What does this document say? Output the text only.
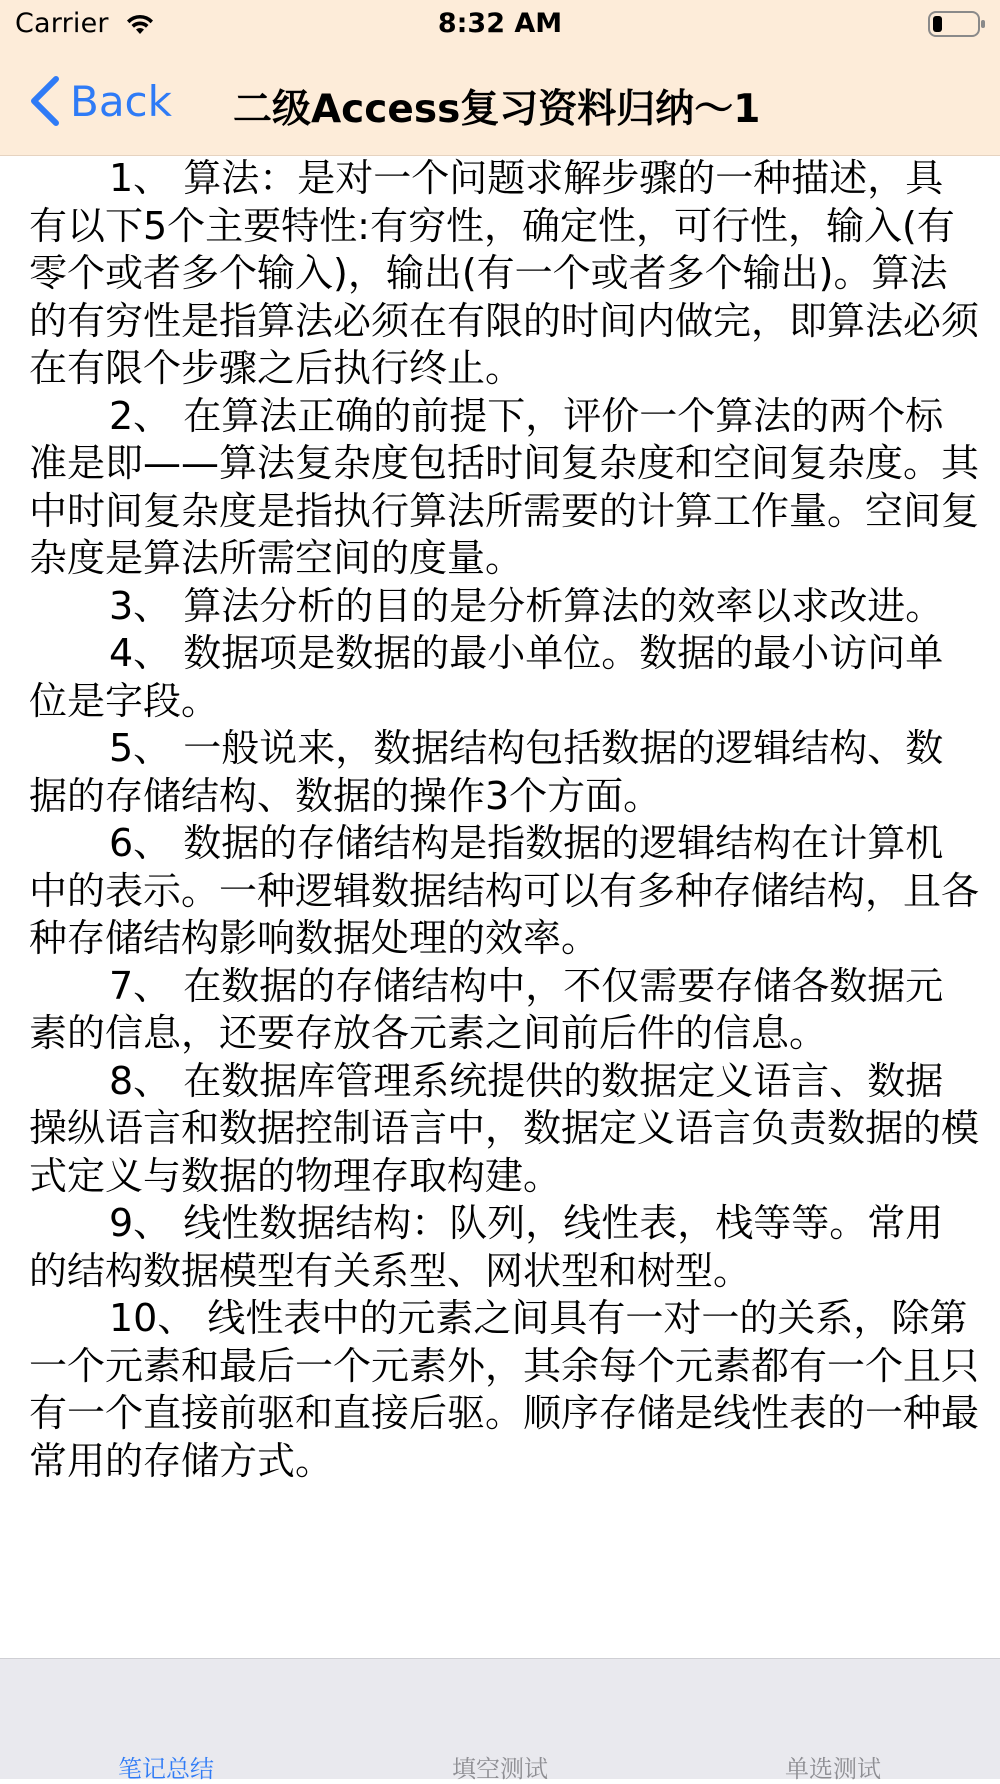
Carrier	8:32 AM
Back 二级Access复习资料归纳～1

1、 算法：是对一个问题求解步骤的一种描述，具有以下5个主要特性:有穷性，确定性，可行性，输入(有零个或者多个输入)，输出(有一个或者多个输出)。算法的有穷性是指算法必须在有限的时间内做完，即算法必须在有限个步骤之后执行终止。

2、 在算法正确的前提下，评价一个算法的两个标准是即——算法复杂度包括时间复杂度和空间复杂度。其中时间复杂度是指执行算法所需要的计算工作量。空间复杂度是算法所需空间的度量。

3、 算法分析的目的是分析算法的效率以求改进。

4、 数据项是数据的最小单位。数据的最小访问单位是字段。

5、 一般说来，数据结构包括数据的逻辑结构、数据的存储结构、数据的操作3个方面。

6、 数据的存储结构是指数据的逻辑结构在计算机中的表示。一种逻辑数据结构可以有多种存储结构，且各种存储结构影响数据处理的效率。

7、 在数据的存储结构中，不仅需要存储各数据元素的信息，还要存放各元素之间前后件的信息。

8、 在数据库管理系统提供的数据定义语言、数据操纵语言和数据控制语言中，数据定义语言负责数据的模式定义与数据的物理存取构建。

9、 线性数据结构：队列，线性表，栈等等。常用的结构数据模型有关系型、网状型和树型。

10、 线性表中的元素之间具有一对一的关系，除第一个元素和最后一个元素外，其余每个元素都有一个且只有一个直接前驱和直接后驱。顺序存储是线性表的一种最常用的存储方式。

笔记总结	填空测试	单选测试
